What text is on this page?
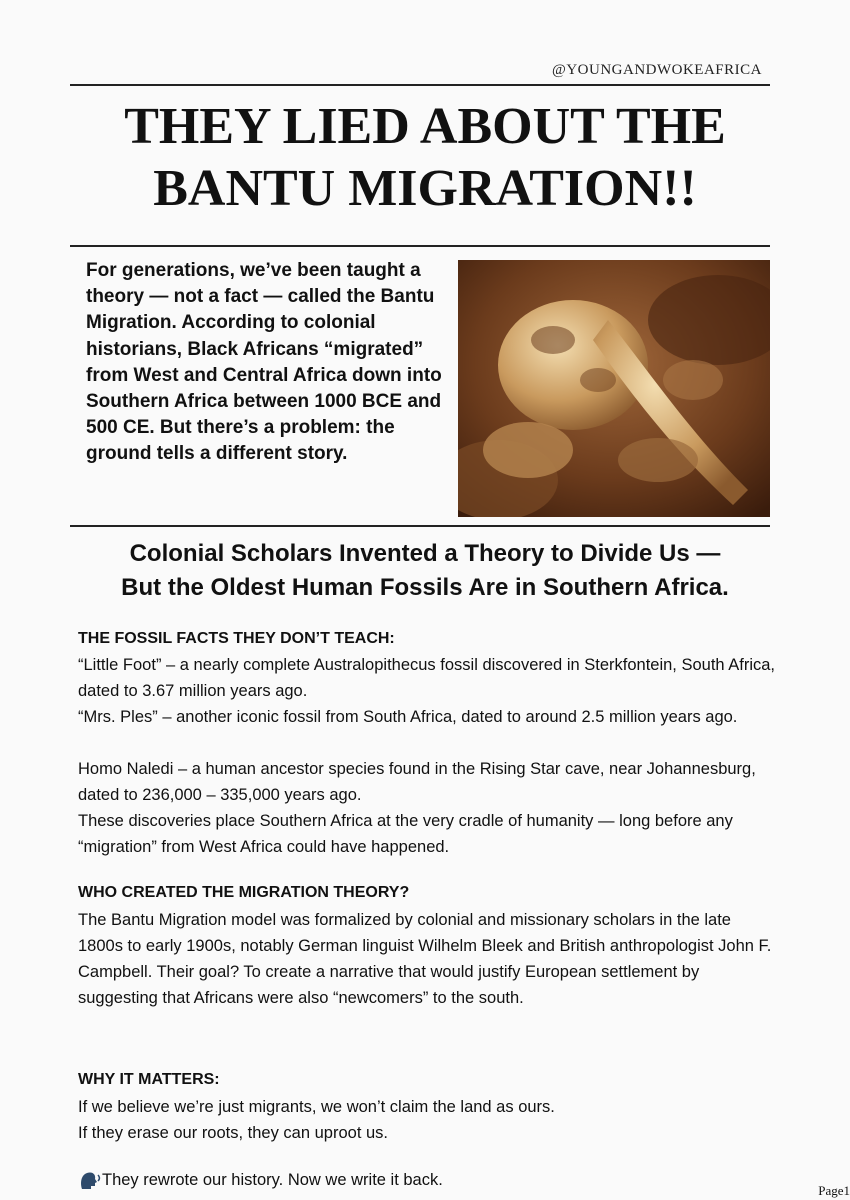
@YOUNGANDWOKEAFRICA
THEY LIED ABOUT THE
BANTU MIGRATION!!

For generations, we’ve been taught a theory — not a fact — called the Bantu Migration. According to colonial historians, Black Africans “migrated” from West and Central Africa down into Southern Africa between 1000 BCE and 500 CE. But there’s a problem: the ground tells a different story.

Colonial Scholars Invented a Theory to Divide Us —
But the Oldest Human Fossils Are in Southern Africa.
THE FOSSIL FACTS THEY DON’T TEACH:

“Little Foot” – a nearly complete Australopithecus fossil discovered in Sterkfontein, South Africa, dated to 3.67 million years ago.

“Mrs. Ples” – another iconic fossil from South Africa, dated to around 2.5 million years ago.

Homo Naledi – a human ancestor species found in the Rising Star cave, near Johannesburg, dated to 236,000 – 335,000 years ago.

These discoveries place Southern Africa at the very cradle of humanity — long before any “migration” from West Africa could have happened.

WHO CREATED THE MIGRATION THEORY?

The Bantu Migration model was formalized by colonial and missionary scholars in the late 1800s to early 1900s, notably German linguist Wilhelm Bleek and British anthropologist John F. Campbell. Their goal? To create a narrative that would justify European settlement by suggesting that Africans were also “newcomers” to the south.

WHY IT MATTERS:

If we believe we’re just migrants, we won’t claim the land as ours.

If they erase our roots, they can uproot us.

They rewrote our history. Now we write it back.
Page1
